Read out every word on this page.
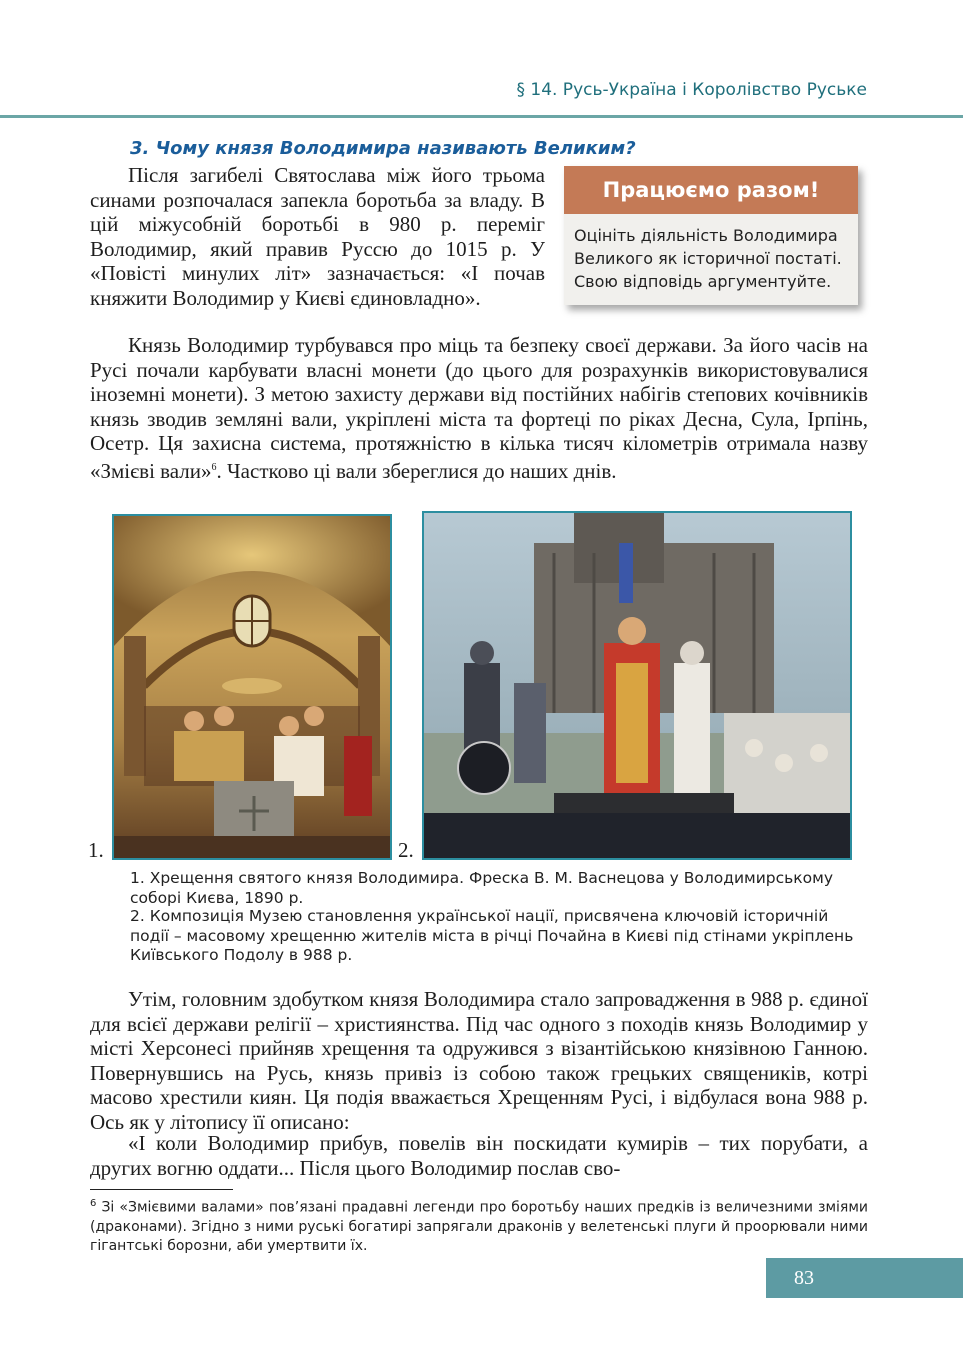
§ 14. Русь-Україна і Королівство Руське
3. Чому князя Володимира називають Великим?

Після загибелі Святослава між його трьома синами розпочалася запекла боротьба за владу. В цій міжусобній боротьбі в 980 р. переміг Володимир, який правив Руссю до 1015 р. У «Повісті минулих літ» зазначається: «І почав княжити Володимир у Києві єдиновладно».

Працюємо разом!
Оцініть діяльність Володимира Великого як історичної постаті. Свою відповідь аргументуйте.

Князь Володимир турбувався про міць та безпеку своєї держави. За його часів на Русі почали карбувати власні монети (до цього для розрахунків використовувалися іноземні монети). З метою захисту держави від постійних набігів степових кочівників князь зводив земляні вали, укріплені міста та фортеці по ріках Десна, Сула, Ірпінь, Осетр. Ця захисна система, протяжністю в кілька тисяч кілометрів отримала назву «Змієві вали»$^6$. Частково ці вали збереглися до наших днів.

1.	2.
1. Хрещення святого князя Володимира. Фреска В. М. Васнецова у Володимирському соборі Києва, 1890 р.
2. Композиція Музею становлення української нації, присвячена ключовій історичній події – масовому хрещенню жителів міста в річці Почайна в Києві під стінами укріплень Київського Подолу в 988 р.

Утім, головним здобутком князя Володимира стало запровадження в 988 р. єдиної для всієї держави релігії – християнства. Під час одного з походів князь Володимир у місті Херсонесі прийняв хрещення та одружився з візантійською князівною Ганною. Повернувшись на Русь, князь привіз із собою також грецьких священиків, котрі масово хрестили киян. Ця подія вважається Хрещенням Русі, і відбулася вона 988 р. Ось як у літопису її описано:

«І коли Володимир прибув, повелів він поскидати кумирів – тих порубати, а других вогню оддати... Після цього Володимир послав сво-

$^6$ Зі «Змієвими валами» пов’язані прадавні легенди про боротьбу наших предків із величезними зміями (драконами). Згідно з ними руські богатирі запрягали драконів у велетенські плуги й проорювали ними гігантські борозни, аби умертвити їх.
83
